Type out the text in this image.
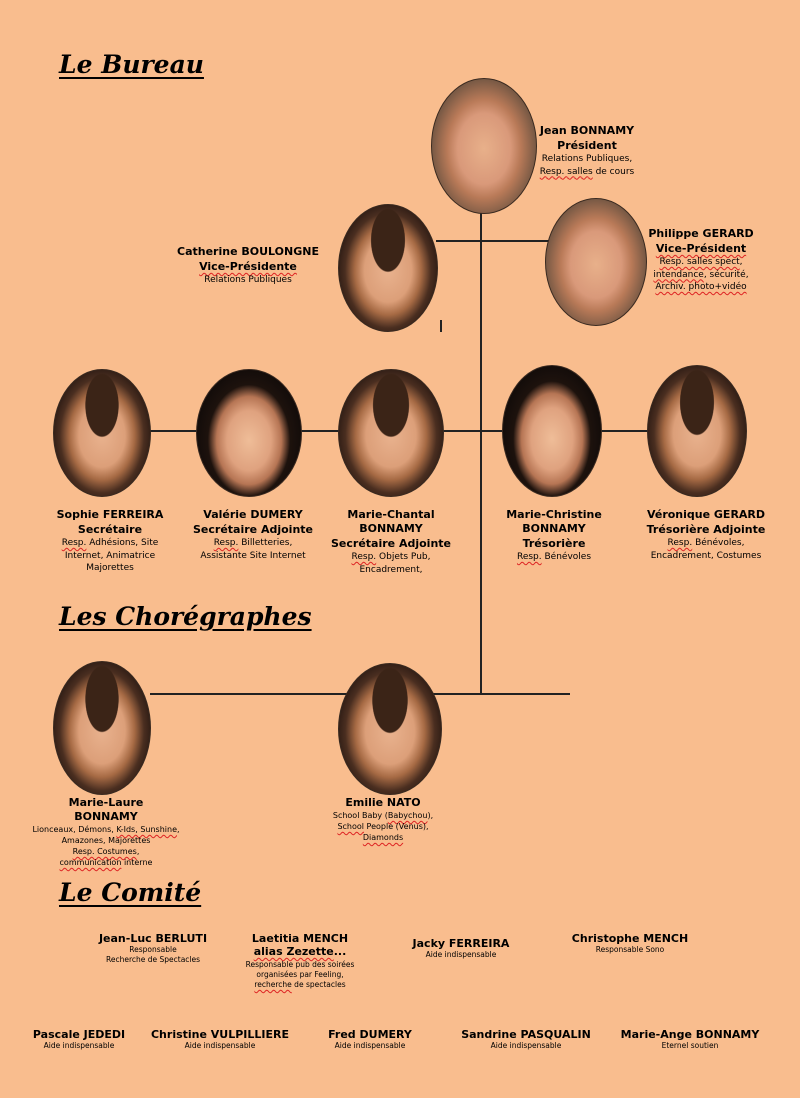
Le Bureau
Les Chorégraphes
Le Comité
Jean BONNAMY
Président
Relations Publiques,
Resp. salles de cours
Catherine BOULONGNE
Vice-Présidente
Relations Publiques
Philippe GERARD
Vice-Président
Resp. salles spect,
intendance, sécurité,
Archiv. photo+vidéo
Sophie FERREIRA
Secrétaire
Resp. Adhésions, Site
Internet, Animatrice
Majorettes
Valérie DUMERY
Secrétaire Adjointe
Resp. Billetteries,
Assistante Site Internet
Marie-Chantal
BONNAMY
Secrétaire Adjointe
Resp. Objets Pub,
Encadrement,
Marie-Christine
BONNAMY
Trésorière
Resp. Bénévoles
Véronique GERARD
Trésorière Adjointe
Resp. Bénévoles,
Encadrement, Costumes
Marie-Laure
BONNAMY
Lionceaux, Démons, K-Ids, Sunshine,
Amazones, Majorettes
Resp. Costumes,
communication interne
Emilie NATO
School Baby (Babychou),
School People (Venus),
Diamonds
Jean-Luc BERLUTI
Responsable
Recherche de Spectacles
Laetitia MENCH
alias Zezette...
Responsable pub des soirées
organisées par Feeling,
recherche de spectacles
Jacky FERREIRA
Aide indispensable
Christophe MENCH
Responsable Sono
Pascale JEDEDI
Aide indispensable
Christine VULPILLIERE
Aide indispensable
Fred DUMERY
Aide indispensable
Sandrine PASQUALIN
Aide indispensable
Marie-Ange BONNAMY
Eternel soutien
